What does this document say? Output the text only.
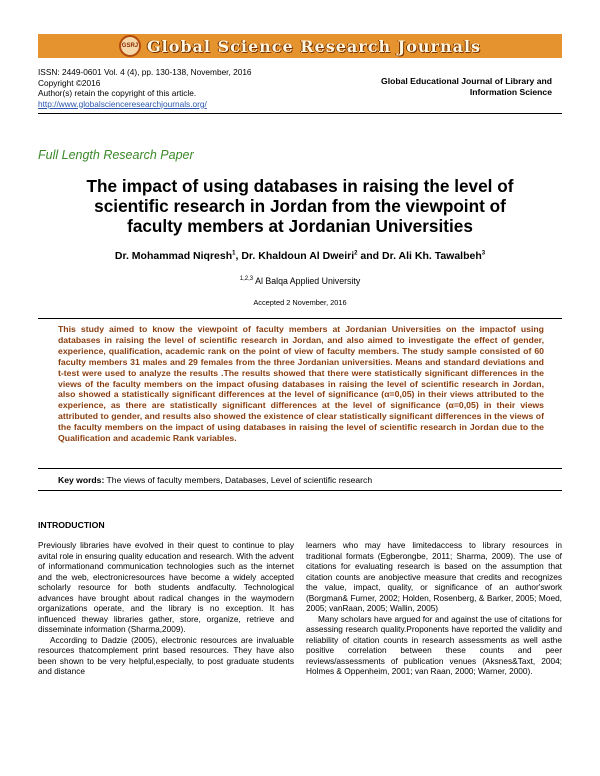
GSRJ Global Science Research Journals
ISSN: 2449-0601 Vol. 4 (4), pp. 130-138, November, 2016
Copyright ©2016
Author(s) retain the copyright of this article.
http://www.globalscienceresearchjournals.org/
Global Educational Journal of Library and
Information Science
Full Length Research Paper
The impact of using databases in raising the level of
scientific research in Jordan from the viewpoint of
faculty members at Jordanian Universities
Dr. Mohammad Niqresh$^1$, Dr. Khaldoun Al Dweiri$^2$ and Dr. Ali Kh. Tawalbeh$^3$
$^{1,2,3}$ Al Balqa Applied University
Accepted 2 November, 2016
This study aimed to know the viewpoint of faculty members at Jordanian Universities on the impactof using databases in raising the level of scientific research in Jordan, and also aimed to investigate the effect of gender, experience, qualification, academic rank on the point of view of faculty members. The study sample consisted of 60 faculty members 31 males and 29 females from the three Jordanian universities. Means and standard deviations and t-test were used to analyze the results .The results showed that there were statistically significant differences in the views of the faculty members on the impact ofusing databases in raising the level of scientific research in Jordan, also showed a statistically significant differences at the level of significance (α=0,05) in their views attributed to the experience, as there are statistically significant differences at the level of significance (α=0,05) in their views attributed to gender, and results also showed the existence of clear statistically significant differences in the views of the faculty members on the impact of using databases in raising the level of scientific research in Jordan due to the Qualification and academic Rank variables.
Key words: The views of faculty members, Databases, Level of scientific research
INTRODUCTION

Previously libraries have evolved in their quest to continue to play avital role in ensuring quality education and research. With the advent of informationand communication technologies such as the internet and the web, electronicresources have become a widely accepted scholarly resource for both students andfaculty. Technological advances have brought about radical changes in the waymodern organizations operate, and the library is no exception. It has influenced theway libraries gather, store, organize, retrieve and disseminate information (Sharma,2009).

According to Dadzie (2005), electronic resources are invaluable resources thatcomplement print based resources. They have also been shown to be very helpful,especially, to post graduate students and distance

learners who may have limitedaccess to library resources in traditional formats (Egberongbe, 2011; Sharma, 2009). The use of citations for evaluating research is based on the assumption that citation counts are anobjective measure that credits and recognizes the value, impact, quality, or significance of an author'swork (Borgman& Furner, 2002; Holden, Rosenberg, & Barker, 2005; Moed, 2005; vanRaan, 2005; Wallin, 2005)

Many scholars have argued for and against the use of citations for assessing research quality.Proponents have reported the validity and reliability of citation counts in research assessments as well asthe positive correlation between these counts and peer reviews/assessments of publication venues (Aksnes&Taxt, 2004; Holmes & Oppenheim, 2001; van Raan, 2000; Warner, 2000).
